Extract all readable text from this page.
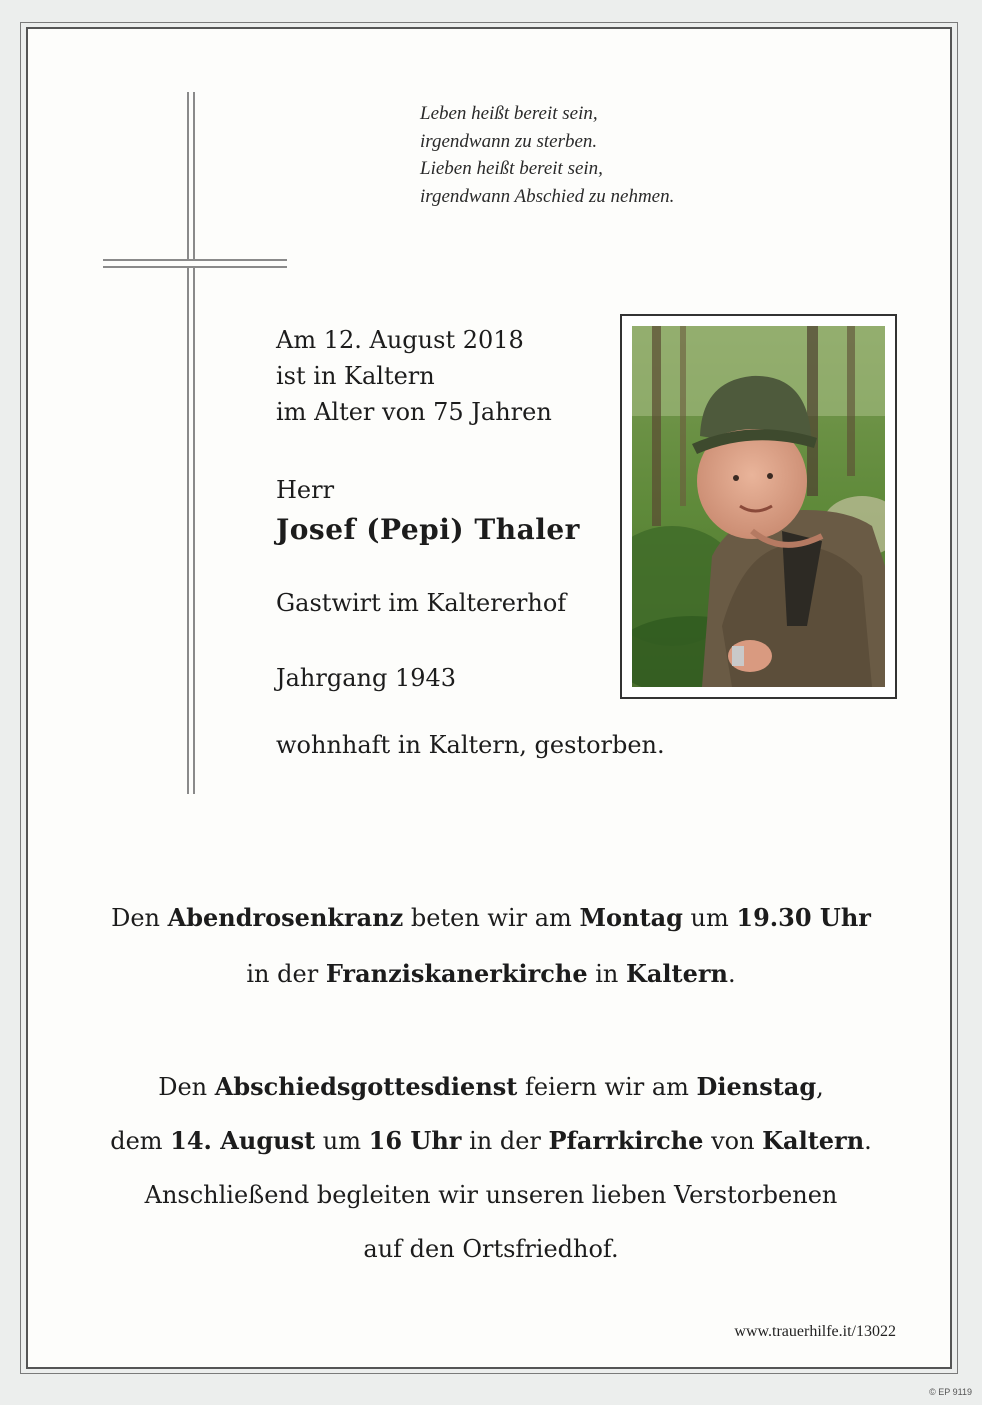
Leben heißt bereit sein,
irgendwann zu sterben.
Lieben heißt bereit sein,
irgendwann Abschied zu nehmen.
Am 12. August 2018
ist in Kaltern
im Alter von 75 Jahren
Herr
Josef (Pepi) Thaler
Gastwirt im Kaltererhof
Jahrgang 1943
wohnhaft in Kaltern, gestorben.
Den Abendrosenkranz beten wir am Montag um 19.30 Uhr
in der Franziskanerkirche in Kaltern.
Den Abschiedsgottesdienst feiern wir am Dienstag,
dem 14. August um 16 Uhr in der Pfarrkirche von Kaltern.
Anschließend begleiten wir unseren lieben Verstorbenen
auf den Ortsfriedhof.
www.trauerhilfe.it/13022
© EP 9119
